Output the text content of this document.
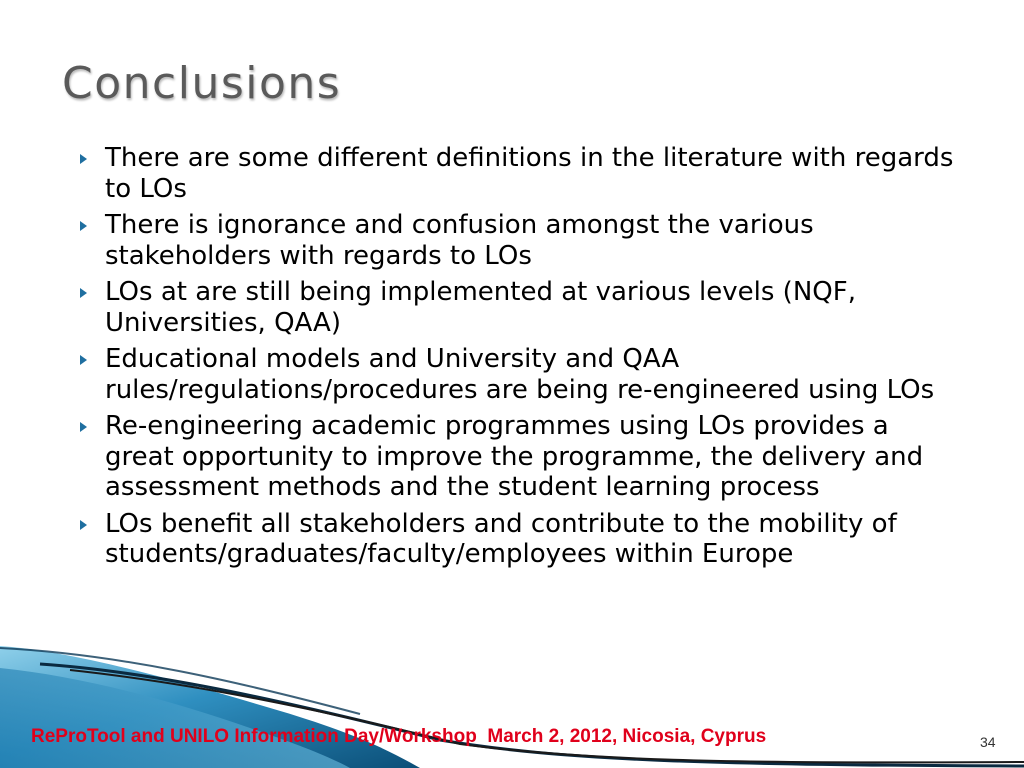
Conclusions
There are some different definitions in the literature with regards to LOs
There is ignorance and confusion amongst the various stakeholders with regards to LOs
LOs at are still being implemented at various levels (NQF, Universities, QAA)
Educational models and University and QAA rules/regulations/procedures are being re-engineered using LOs
Re-engineering academic programmes using LOs provides a great opportunity to improve the programme, the delivery and assessment methods and the student learning process
LOs benefit all stakeholders and contribute to the mobility of students/graduates/faculty/employees within Europe
ReProTool and UNILO Information Day/Workshop  March 2, 2012, Nicosia, Cyprus	34
